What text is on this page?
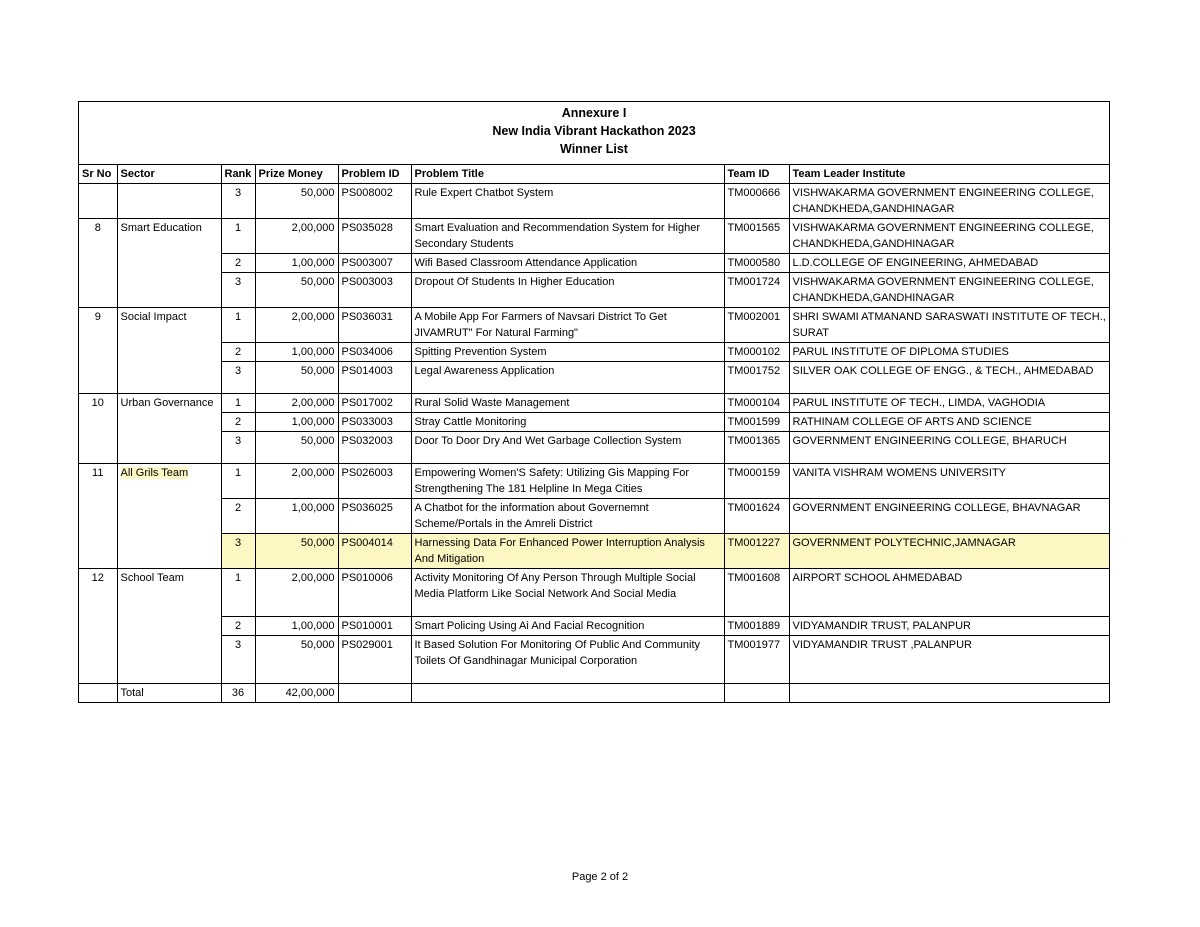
Annexure I
New India Vibrant Hackathon 2023
Winner List
Sr No	Sector	Rank	Prize Money	Problem ID	Problem Title	Team ID	Team Leader Institute
		3	50,000	PS008002	Rule Expert Chatbot System	TM000666	VISHWAKARMA GOVERNMENT ENGINEERING COLLEGE, CHANDKHEDA,GANDHINAGAR
8	Smart Education	1	2,00,000	PS035028	Smart Evaluation and Recommendation System for Higher Secondary Students	TM001565	VISHWAKARMA GOVERNMENT ENGINEERING COLLEGE, CHANDKHEDA,GANDHINAGAR
		2	1,00,000	PS003007	Wifi Based Classroom Attendance Application	TM000580	L.D.COLLEGE OF ENGINEERING, AHMEDABAD
		3	50,000	PS003003	Dropout Of Students In Higher Education	TM001724	VISHWAKARMA GOVERNMENT ENGINEERING COLLEGE, CHANDKHEDA,GANDHINAGAR
9	Social Impact	1	2,00,000	PS036031	A Mobile App For Farmers of Navsari District To Get JIVAMRUT" For Natural Farming"	TM002001	SHRI SWAMI ATMANAND SARASWATI INSTITUTE OF TECH., SURAT
		2	1,00,000	PS034006	Spitting Prevention System	TM000102	PARUL INSTITUTE OF DIPLOMA STUDIES
		3	50,000	PS014003	Legal Awareness Application	TM001752	SILVER OAK COLLEGE OF ENGG., & TECH., AHMEDABAD
10	Urban Governance	1	2,00,000	PS017002	Rural Solid Waste Management	TM000104	PARUL INSTITUTE OF TECH., LIMDA, VAGHODIA
		2	1,00,000	PS033003	Stray Cattle Monitoring	TM001599	RATHINAM COLLEGE OF ARTS AND SCIENCE
		3	50,000	PS032003	Door To Door Dry And Wet Garbage Collection System	TM001365	GOVERNMENT ENGINEERING COLLEGE, BHARUCH
11	All Grils Team	1	2,00,000	PS026003	Empowering Women'S Safety: Utilizing Gis Mapping For Strengthening The 181 Helpline In Mega Cities	TM000159	VANITA VISHRAM WOMENS UNIVERSITY
		2	1,00,000	PS036025	A Chatbot for the information about Governemnt Scheme/Portals in the Amreli District	TM001624	GOVERNMENT ENGINEERING COLLEGE, BHAVNAGAR
		3	50,000	PS004014	Harnessing Data For Enhanced Power Interruption Analysis And Mitigation	TM001227	GOVERNMENT POLYTECHNIC,JAMNAGAR
12	School Team	1	2,00,000	PS010006	Activity Monitoring Of Any Person Through Multiple Social Media Platform Like Social Network And Social Media	TM001608	AIRPORT SCHOOL AHMEDABAD
		2	1,00,000	PS010001	Smart Policing Using Ai And Facial Recognition	TM001889	VIDYAMANDIR TRUST, PALANPUR
		3	50,000	PS029001	It Based Solution For Monitoring Of Public And Community Toilets Of Gandhinagar Municipal Corporation	TM001977	VIDYAMANDIR TRUST ,PALANPUR
	Total	36	42,00,000				
Page 2 of 2
